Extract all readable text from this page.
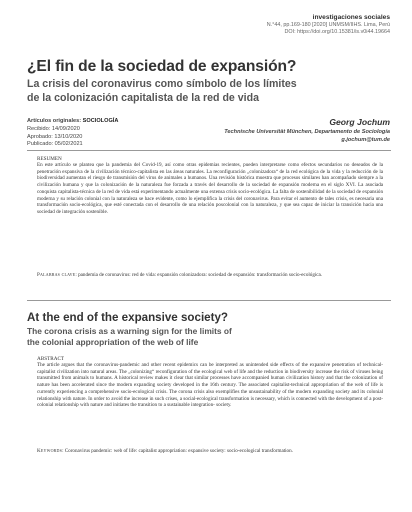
investigaciones sociales
N.°44, pp.169-180 [2020] UNMSM/IIHS. Lima, Perú
DOI: https://doi.org/10.15381/is.v0i44.19664
¿El fin de la sociedad de expansión?
La crisis del coronavirus como símbolo de los límites
de la colonización capitalista de la red de vida
Artículos originales: SOCIOLOGÍA
Recibido: 14/09/2020
Aprobado: 13/10/2020
Publicado: 05/02/2021
Georg Jochum
Technische Universität München, Departamento de Sociología
g.jochum@tum.de
RESUMEN
En este artículo se plantea que la pandemia del Covid-19, así como otras epidemias recientes, pueden interpretarse como efectos secundarios no deseados de la penetración expansiva de la civilización técnico-capitalista en las áreas naturales. La reconfiguración „colonizadora“ de la red ecológica de la vida y la reducción de la biodiversidad aumentan el riesgo de transmisión del virus de animales a humanos. Una revisión histórica muestra que procesos similares han acompañado siempre a la civilización humana y que la colonización de la naturaleza fue forzada a través del desarrollo de la sociedad de expansión moderna en el siglo XVI. La asociada conquista capitalista-técnica de la red de vida está experimentando actualmente una extensa crisis socio-ecológica. La falta de sostenibilidad de la sociedad de expansión moderna y su relación colonial con la naturaleza se hace evidente, como lo ejemplifica la crisis del coronavirus. Para evitar el aumento de tales crisis, es necesaria una transformación socio-ecológica, que esté conectada con el desarrollo de una relación poscolonial con la naturaleza, y que sea capaz de iniciar la transición hacia una sociedad de integración sostenible.
Palabras clave: pandemia de coronavirus: red de vida: expansión colonizadora: sociedad de expansión: transformación socio-ecológica.
At the end of the expansive society?
The corona crisis as a warning sign for the limits of
the colonial appropriation of the web of life
ABSTRACT
The article argues that the coronavirus-pandemic and other recent epidemics can be interpreted as unintended side effects of the expansive penetration of technical-capitalist civilization into natural areas. The „colonizing“ reconfiguration of the ecological web of life and the reduction in biodiversity increase the risk of viruses being transmitted from animals to humans. A historical review makes it clear that similar processes have accompanied human civilization history and that the colonization of nature has been accelerated since the modern expanding society developed in the 16th century. The associated capitalist-technical appropriation of the web of life is currently experiencing a comprehensive socio-ecological crisis. The corona crisis also exemplifies the unsustainability of the modern expanding society and its colonial relationship with nature. In order to avoid the increase in such crises, a social-ecological transformation is necessary, which is connected with the development of a post-colonial relationship with nature and initiates the transition to a sustainable integration- society.
Keywords: Coronavirus pandemic: web of life: capitalist appropriation: expansive society: socio-ecological transformation.
